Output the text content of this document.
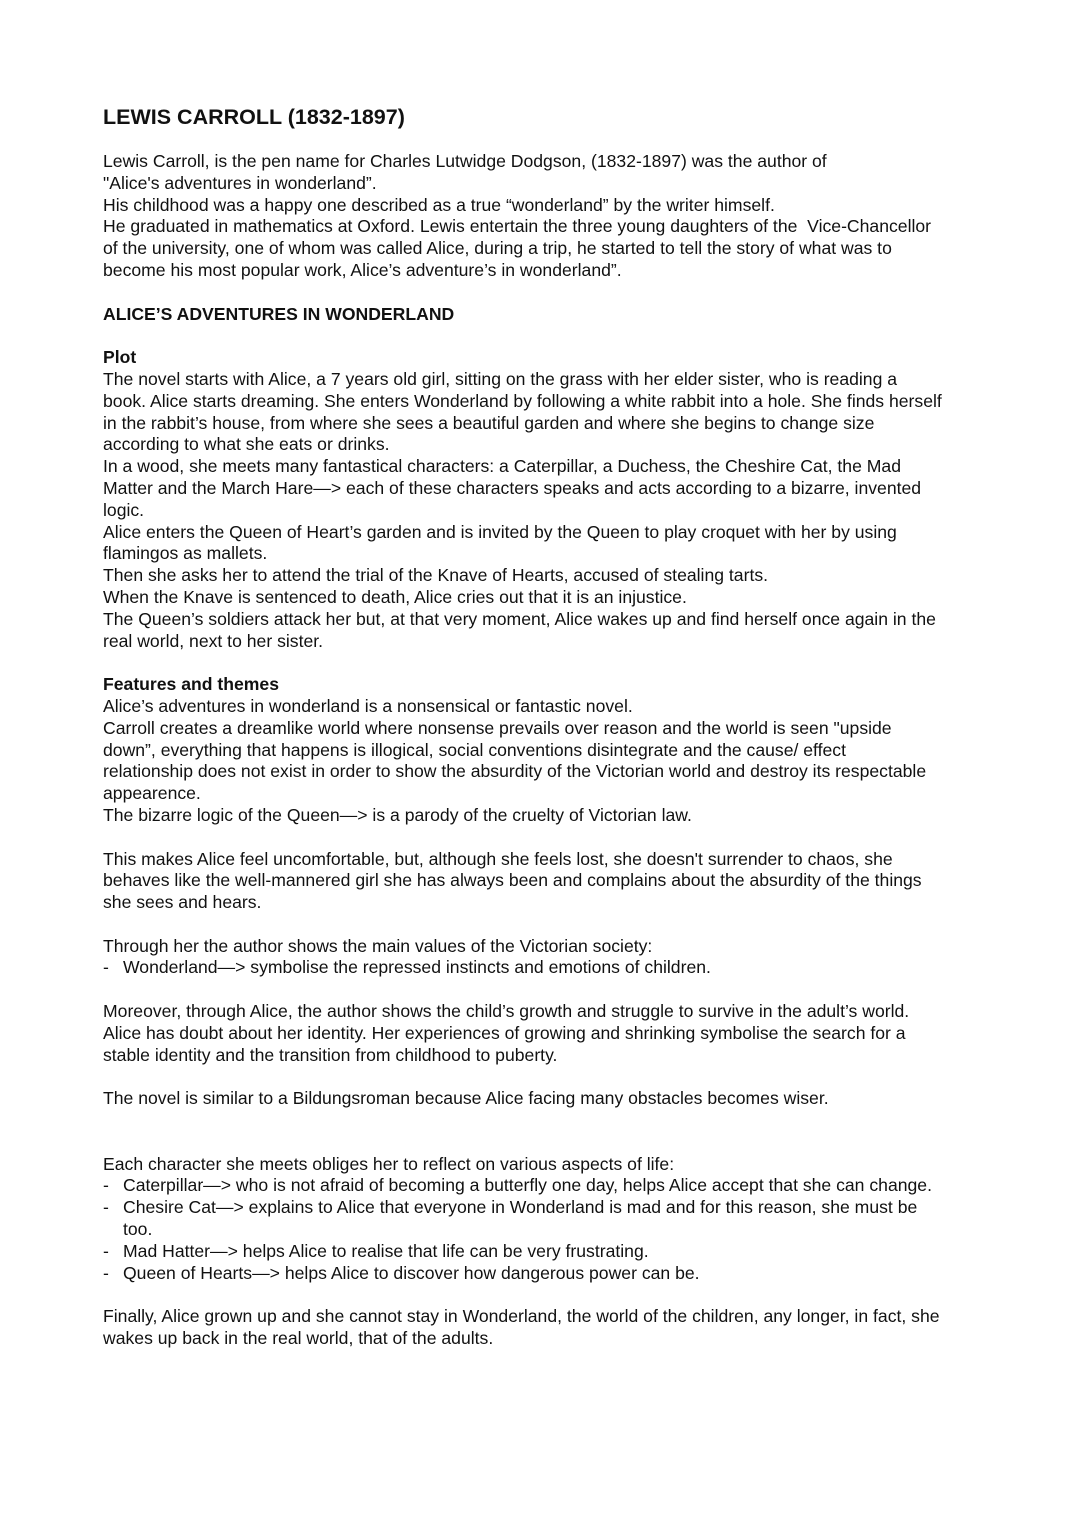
LEWIS CARROLL (1832-1897)
Lewis Carroll, is the pen name for Charles Lutwidge Dodgson, (1832-1897) was the author of
"Alice's adventures in wonderland”.
His childhood was a happy one described as a true “wonderland” by the writer himself.
He graduated in mathematics at Oxford. Lewis entertain the three young daughters of the  Vice-Chancellor
of the university, one of whom was called Alice, during a trip, he started to tell the story of what was to
become his most popular work, Alice’s adventure’s in wonderland”.
ALICE’S ADVENTURES IN WONDERLAND
Plot
The novel starts with Alice, a 7 years old girl, sitting on the grass with her elder sister, who is reading a
book. Alice starts dreaming. She enters Wonderland by following a white rabbit into a hole. She finds herself
in the rabbit’s house, from where she sees a beautiful garden and where she begins to change size
according to what she eats or drinks.
In a wood, she meets many fantastical characters: a Caterpillar, a Duchess, the Cheshire Cat, the Mad
Matter and the March Hare—> each of these characters speaks and acts according to a bizarre, invented
logic.
Alice enters the Queen of Heart’s garden and is invited by the Queen to play croquet with her by using
flamingos as mallets.
Then she asks her to attend the trial of the Knave of Hearts, accused of stealing tarts.
When the Knave is sentenced to death, Alice cries out that it is an injustice.
The Queen’s soldiers attack her but, at that very moment, Alice wakes up and find herself once again in the
real world, next to her sister.
Features and themes
Alice’s adventures in wonderland is a nonsensical or fantastic novel.
Carroll creates a dreamlike world where nonsense prevails over reason and the world is seen "upside
down”, everything that happens is illogical, social conventions disintegrate and the cause/ effect
relationship does not exist in order to show the absurdity of the Victorian world and destroy its respectable
appearence.
The bizarre logic of the Queen—> is a parody of the cruelty of Victorian law.
This makes Alice feel uncomfortable, but, although she feels lost, she doesn't surrender to chaos, she
behaves like the well-mannered girl she has always been and complains about the absurdity of the things
she sees and hears.
Through her the author shows the main values of the Victorian society:
- Wonderland—> symbolise the repressed instincts and emotions of children.
Moreover, through Alice, the author shows the child’s growth and struggle to survive in the adult’s world.
Alice has doubt about her identity. Her experiences of growing and shrinking symbolise the search for a
stable identity and the transition from childhood to puberty.
The novel is similar to a Bildungsroman because Alice facing many obstacles becomes wiser.
Each character she meets obliges her to reflect on various aspects of life:
- Caterpillar—> who is not afraid of becoming a butterfly one day, helps Alice accept that she can change.
- Chesire Cat—> explains to Alice that everyone in Wonderland is mad and for this reason, she must be
too.
- Mad Hatter—> helps Alice to realise that life can be very frustrating.
- Queen of Hearts—> helps Alice to discover how dangerous power can be.
Finally, Alice grown up and she cannot stay in Wonderland, the world of the children, any longer, in fact, she
wakes up back in the real world, that of the adults.
